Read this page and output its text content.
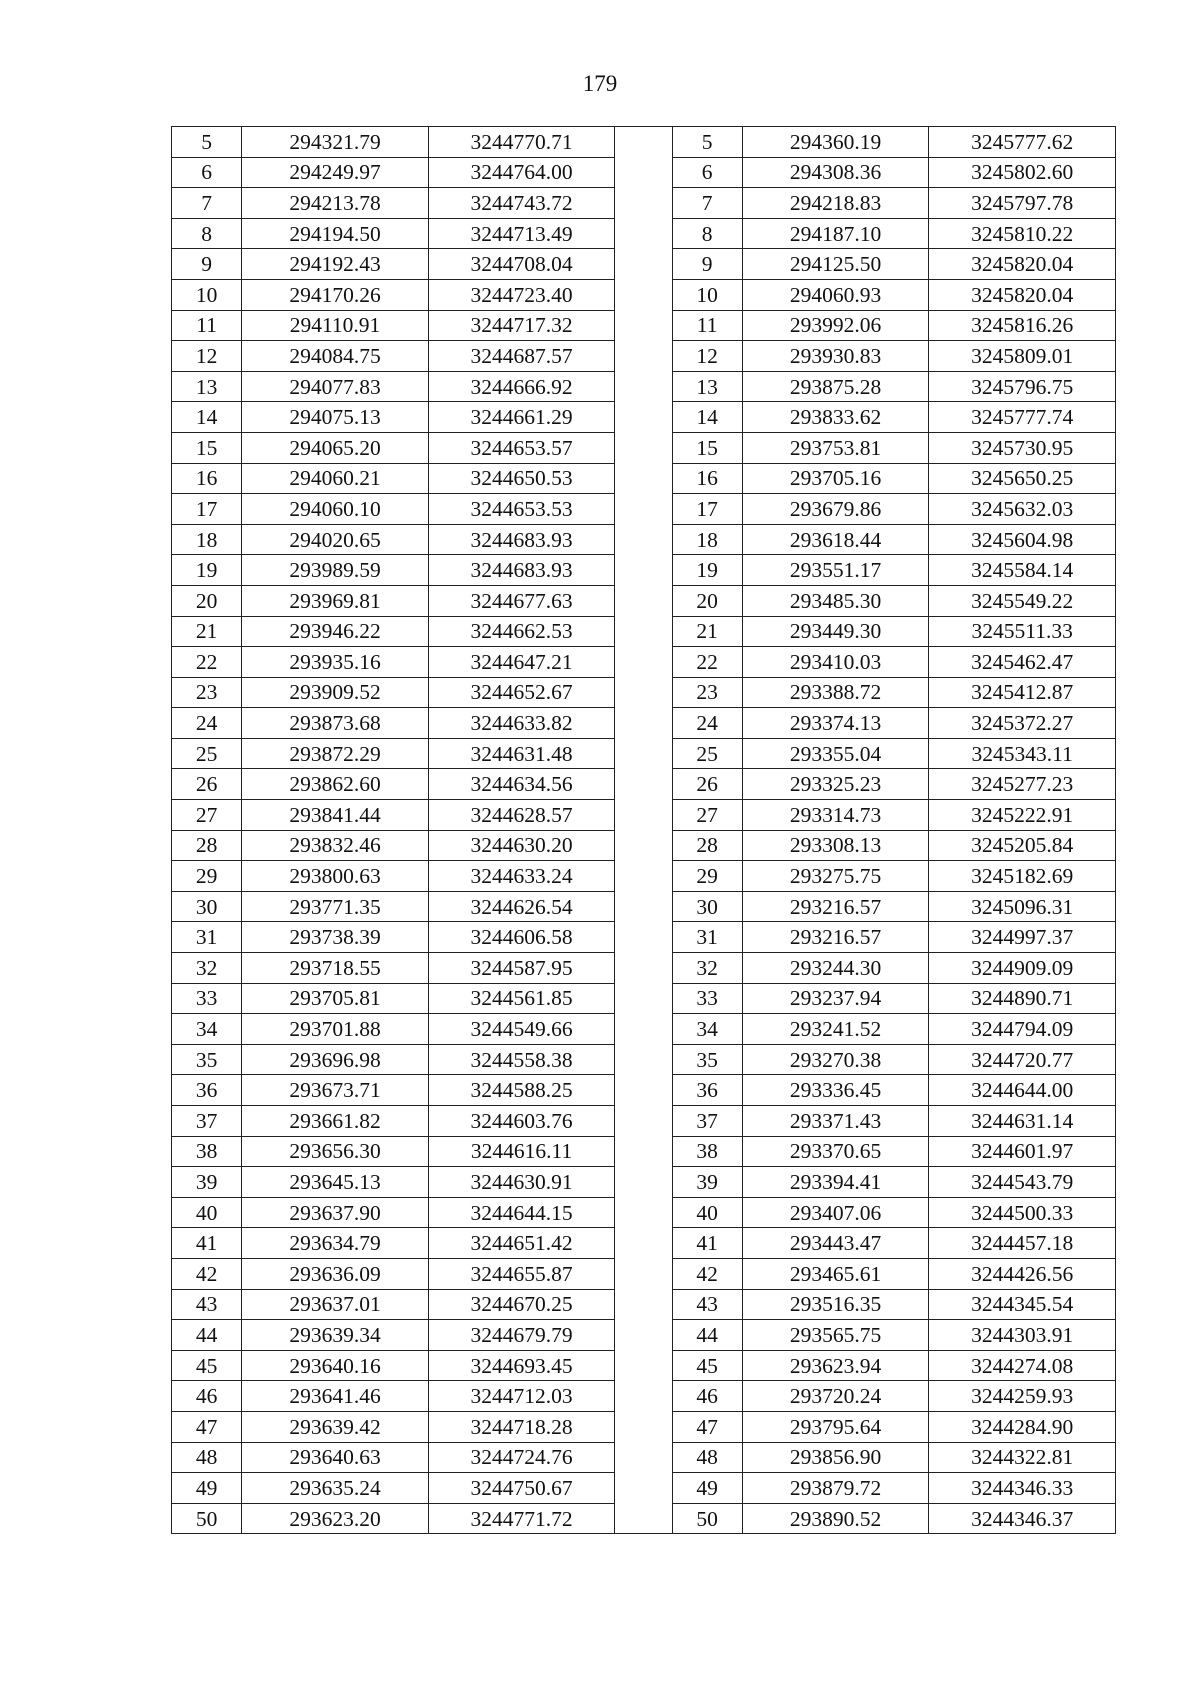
179
5	294321.79	3244770.71		5	294360.19	3245777.62
6	294249.97	3244764.00		6	294308.36	3245802.60
7	294213.78	3244743.72		7	294218.83	3245797.78
8	294194.50	3244713.49		8	294187.10	3245810.22
9	294192.43	3244708.04		9	294125.50	3245820.04
10	294170.26	3244723.40		10	294060.93	3245820.04
11	294110.91	3244717.32		11	293992.06	3245816.26
12	294084.75	3244687.57		12	293930.83	3245809.01
13	294077.83	3244666.92		13	293875.28	3245796.75
14	294075.13	3244661.29		14	293833.62	3245777.74
15	294065.20	3244653.57		15	293753.81	3245730.95
16	294060.21	3244650.53		16	293705.16	3245650.25
17	294060.10	3244653.53		17	293679.86	3245632.03
18	294020.65	3244683.93		18	293618.44	3245604.98
19	293989.59	3244683.93		19	293551.17	3245584.14
20	293969.81	3244677.63		20	293485.30	3245549.22
21	293946.22	3244662.53		21	293449.30	3245511.33
22	293935.16	3244647.21		22	293410.03	3245462.47
23	293909.52	3244652.67		23	293388.72	3245412.87
24	293873.68	3244633.82		24	293374.13	3245372.27
25	293872.29	3244631.48		25	293355.04	3245343.11
26	293862.60	3244634.56		26	293325.23	3245277.23
27	293841.44	3244628.57		27	293314.73	3245222.91
28	293832.46	3244630.20		28	293308.13	3245205.84
29	293800.63	3244633.24		29	293275.75	3245182.69
30	293771.35	3244626.54		30	293216.57	3245096.31
31	293738.39	3244606.58		31	293216.57	3244997.37
32	293718.55	3244587.95		32	293244.30	3244909.09
33	293705.81	3244561.85		33	293237.94	3244890.71
34	293701.88	3244549.66		34	293241.52	3244794.09
35	293696.98	3244558.38		35	293270.38	3244720.77
36	293673.71	3244588.25		36	293336.45	3244644.00
37	293661.82	3244603.76		37	293371.43	3244631.14
38	293656.30	3244616.11		38	293370.65	3244601.97
39	293645.13	3244630.91		39	293394.41	3244543.79
40	293637.90	3244644.15		40	293407.06	3244500.33
41	293634.79	3244651.42		41	293443.47	3244457.18
42	293636.09	3244655.87		42	293465.61	3244426.56
43	293637.01	3244670.25		43	293516.35	3244345.54
44	293639.34	3244679.79		44	293565.75	3244303.91
45	293640.16	3244693.45		45	293623.94	3244274.08
46	293641.46	3244712.03		46	293720.24	3244259.93
47	293639.42	3244718.28		47	293795.64	3244284.90
48	293640.63	3244724.76		48	293856.90	3244322.81
49	293635.24	3244750.67		49	293879.72	3244346.33
50	293623.20	3244771.72		50	293890.52	3244346.37
